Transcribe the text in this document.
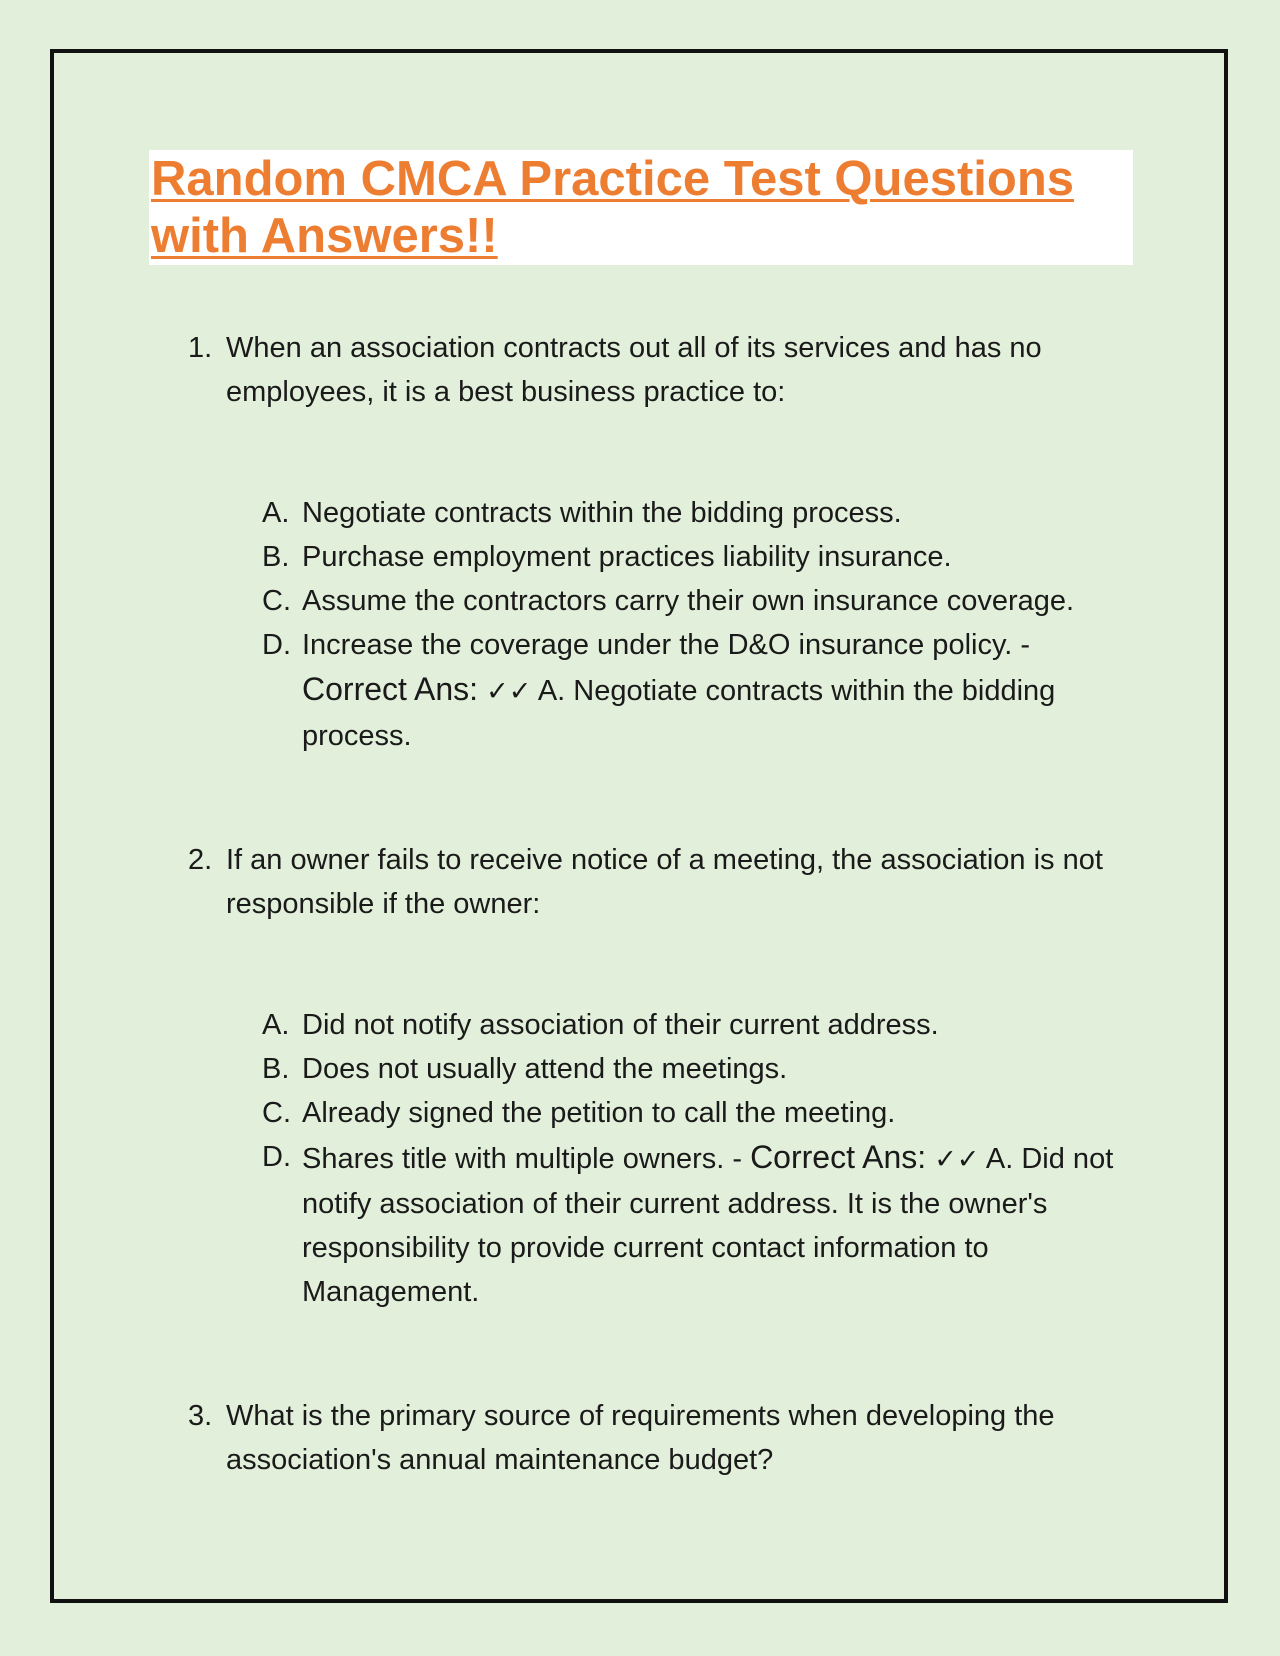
Random CMCA Practice Test Questions with Answers!!
1. When an association contracts out all of its services and has no employees, it is a best business practice to:
A. Negotiate contracts within the bidding process.
B. Purchase employment practices liability insurance.
C. Assume the contractors carry their own insurance coverage.
D. Increase the coverage under the D&O insurance policy. - Correct Ans: ✓✓ A. Negotiate contracts within the bidding process.
2. If an owner fails to receive notice of a meeting, the association is not responsible if the owner:
A. Did not notify association of their current address.
B. Does not usually attend the meetings.
C. Already signed the petition to call the meeting.
D. Shares title with multiple owners. - Correct Ans: ✓✓ A. Did not notify association of their current address. It is the owner's responsibility to provide current contact information to Management.
3. What is the primary source of requirements when developing the association's annual maintenance budget?
